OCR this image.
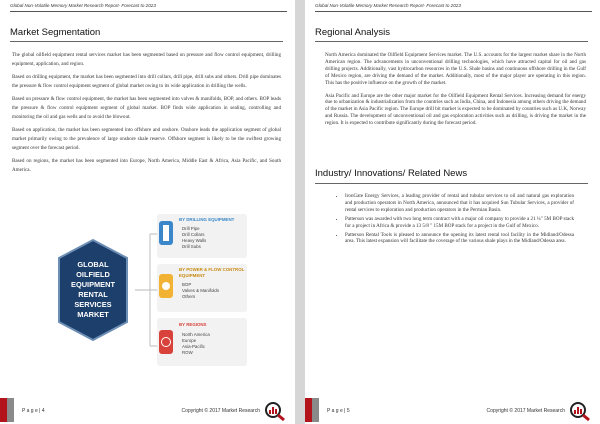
Global Non-Volatile Memory Market Research Report- Forecast to 2023
Market Segmentation

The global oilfield equipment rental services market has been segmented based on pressure and flow control equipment, drilling equipment, application, and region.

Based on drilling equipment, the market has been segmented into drill collars, drill pipe, drill subs and others. Drill pipe dominates the pressure & flow control equipment segment of global market owing to its wide application in drilling the wells.

Based on pressure & flow control equipment, the market has been segmented into valves & manifolds, BOP, and others. BOP leads the pressure & flow control equipment segment of global market. BOP finds wide application in sealing, controlling and monitoring the oil and gas wells and to avoid the blowout.

Based on application, the market has been segmented into offshore and onshore. Onshore leads the application segment of global market primarily owing to the prevalence of large onshore shale reserve. Offshore segment is likely to be the swiftest growing segment over the forecast period.

Based on regions, the market has been segmented into Europe, North America, Middle East & Africa, Asia Pacific, and South America.

GLOBAL
OILFIELD
EQUIPMENT
RENTAL
SERVICES
MARKET
BY DRILLING EQUIPMENT
Drill Pipe
Drill Collars
Heavy Walls
Drill Subs
BY POWER & FLOW CONTROL
EQUIPMENT
BOP
Valves & Manifolds
Others
BY REGIONS
North America
Europe
Asia-Pacific
ROW
P a g e | 4	Copyright © 2017 Market Research
Global Non-Volatile Memory Market Research Report- Forecast to 2023
Regional Analysis

North America dominated the Oilfield Equipment Services market. The U.S. accounts for the largest market share in the North American region. The advancements in unconventional drilling technologies, which have attracted capital for oil and gas drilling projects. Additionally, vast hydrocarbon resources in the U.S. Shale basins and continuous offshore drilling in the Gulf of Mexico region, are driving the demand of the market. Additionally, most of the major player are operating in this region. This has the positive influence on the growth of the market.

Asia Pacific and Europe are the other major market for the Oilfield Equipment Rental Services. Increasing demand for energy due to urbanization & industrialization from the countries such as India, China, and Indonesia among others driving the demand of the market in Asia Pacific region. The Europe drill bit market is expected to be dominated by countries such as U.K, Norway and Russia. The development of unconventional oil and gas exploration activities such as drilling, is driving the market in the region. It is expected to contribute significantly during the forecast period.

Industry/ Innovations/ Related News
• IronGate Energy Services, a leading provider of rental and tubular services to oil and natural gas exploration and production operators in North America, announced that it has acquired Sun Tubular Services, a provider of rental services to exploration and production operators in the Permian Basin.
• Patterson was awarded with two long term contract with a major oil company to provide a 21 ¼" 5M BOP stack for a project in Africa & provide a 13 5/8 " 15M BOP stack for a project in the Gulf of Mexico.
• Patterson Rental Tools is pleased to announce the opening its latest rental tool facility in the Midland/Odessa area. This latest expansion will facilitate the coverage of the various shale plays in the Midland/Odessa area.
P a g e | 5	Copyright © 2017 Market Research
